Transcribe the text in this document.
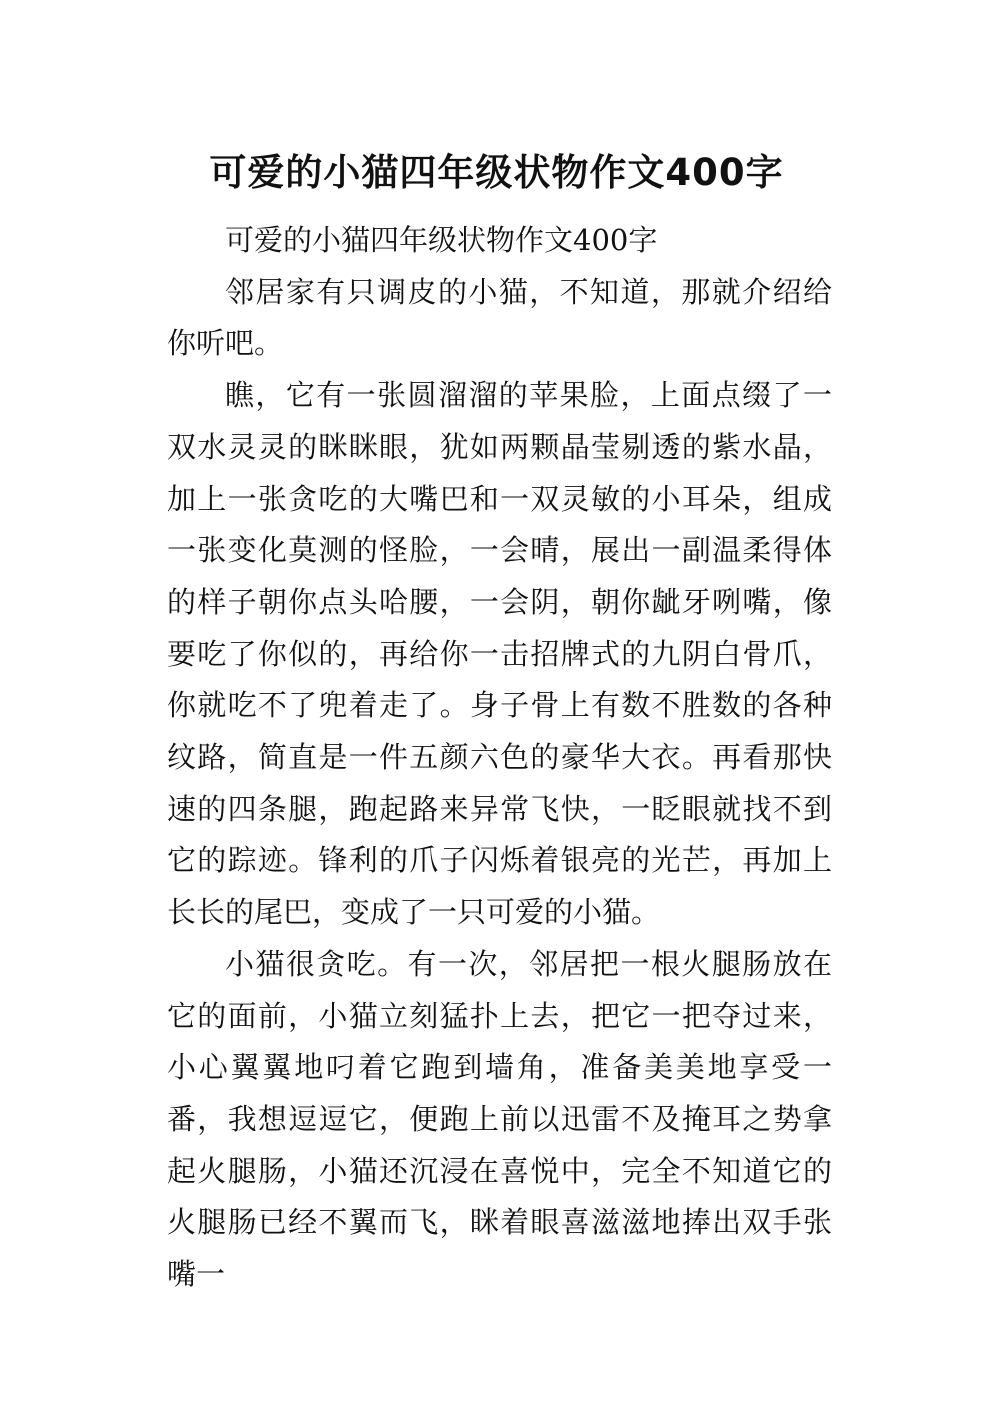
可爱的小猫四年级状物作文400字

可爱的小猫四年级状物作文400字

邻居家有只调皮的小猫，不知道，那就介绍给你听吧。

瞧，它有一张圆溜溜的苹果脸，上面点缀了一双水灵灵的眯眯眼，犹如两颗晶莹剔透的紫水晶，加上一张贪吃的大嘴巴和一双灵敏的小耳朵，组成一张变化莫测的怪脸，一会晴，展出一副温柔得体的样子朝你点头哈腰，一会阴，朝你龇牙咧嘴，像要吃了你似的，再给你一击招牌式的九阴白骨爪，你就吃不了兜着走了。身子骨上有数不胜数的各种纹路，简直是一件五颜六色的豪华大衣。再看那快速的四条腿，跑起路来异常飞快，一眨眼就找不到它的踪迹。锋利的爪子闪烁着银亮的光芒，再加上长长的尾巴，变成了一只可爱的小猫。

小猫很贪吃。有一次，邻居把一根火腿肠放在它的面前，小猫立刻猛扑上去，把它一把夺过来，小心翼翼地叼着它跑到墙角，准备美美地享受一番，我想逗逗它，便跑上前以迅雷不及掩耳之势拿起火腿肠，小猫还沉浸在喜悦中，完全不知道它的火腿肠已经不翼而飞，眯着眼喜滋滋地捧出双手张嘴一
